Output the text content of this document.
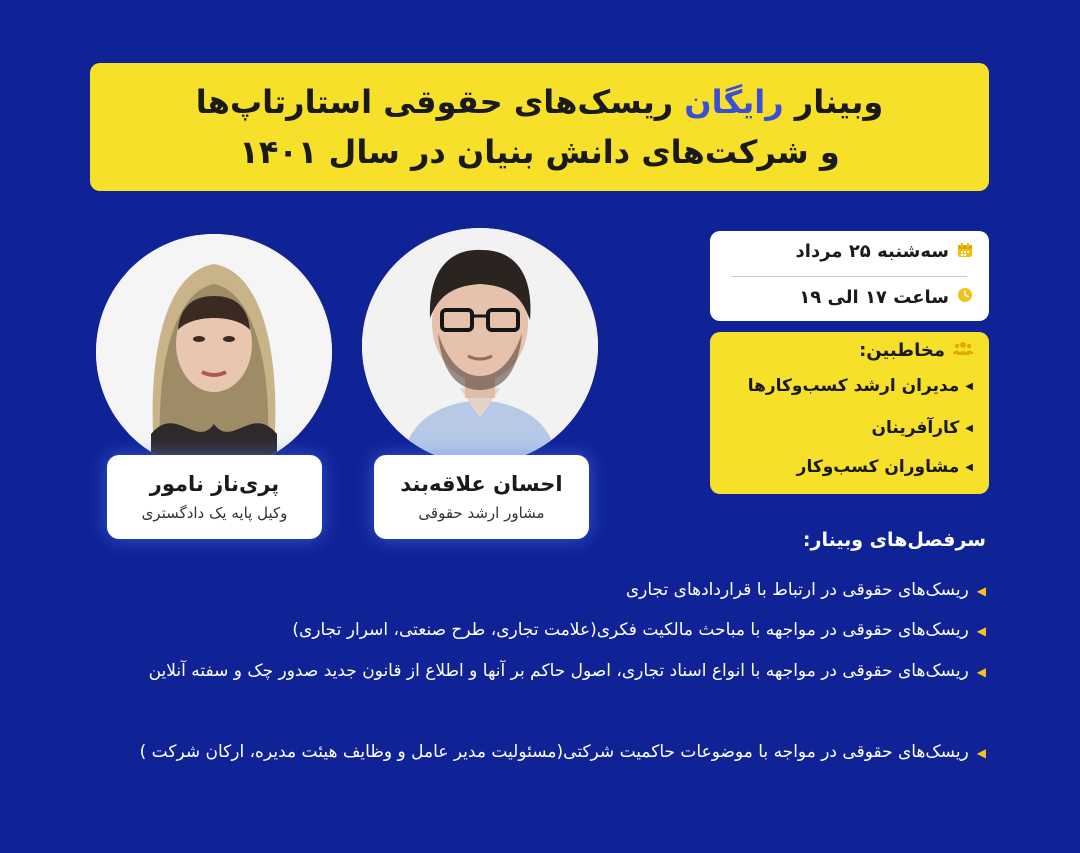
وبینار رایگان ریسک‌های حقوقی استارتاپ‌ها
و شرکت‌های دانش بنیان در سال ۱۴۰۱
سه‌شنبه ۲۵ مرداد
ساعت ۱۷ الی ۱۹
مخاطبین:
◀
مدیران ارشد کسب‌وکارها
◀
کارآفرینان
◀
مشاوران کسب‌وکار
احسان علاقه‌بند
مشاور ارشد حقوقی
پری‌ناز نامور
وکیل پایه یک دادگستری
سرفصل‌های وبینار:
◀ریسک‌های حقوقی در ارتباط با قراردادهای تجاری
◀ریسک‌های حقوقی در مواجهه با مباحث مالکیت فکری(علامت تجاری، طرح صنعتی، اسرار تجاری)
◀ریسک‌های حقوقی در مواجهه با انواع اسناد تجاری، اصول حاکم بر آنها و اطلاع از قانون جدید صدور چک و سفته آنلاین
◀ریسک‌های حقوقی در مواجه با موضوعات حاکمیت شرکتی(مسئولیت مدیر عامل و وظایف هیئت مدیره، ارکان شرکت )
